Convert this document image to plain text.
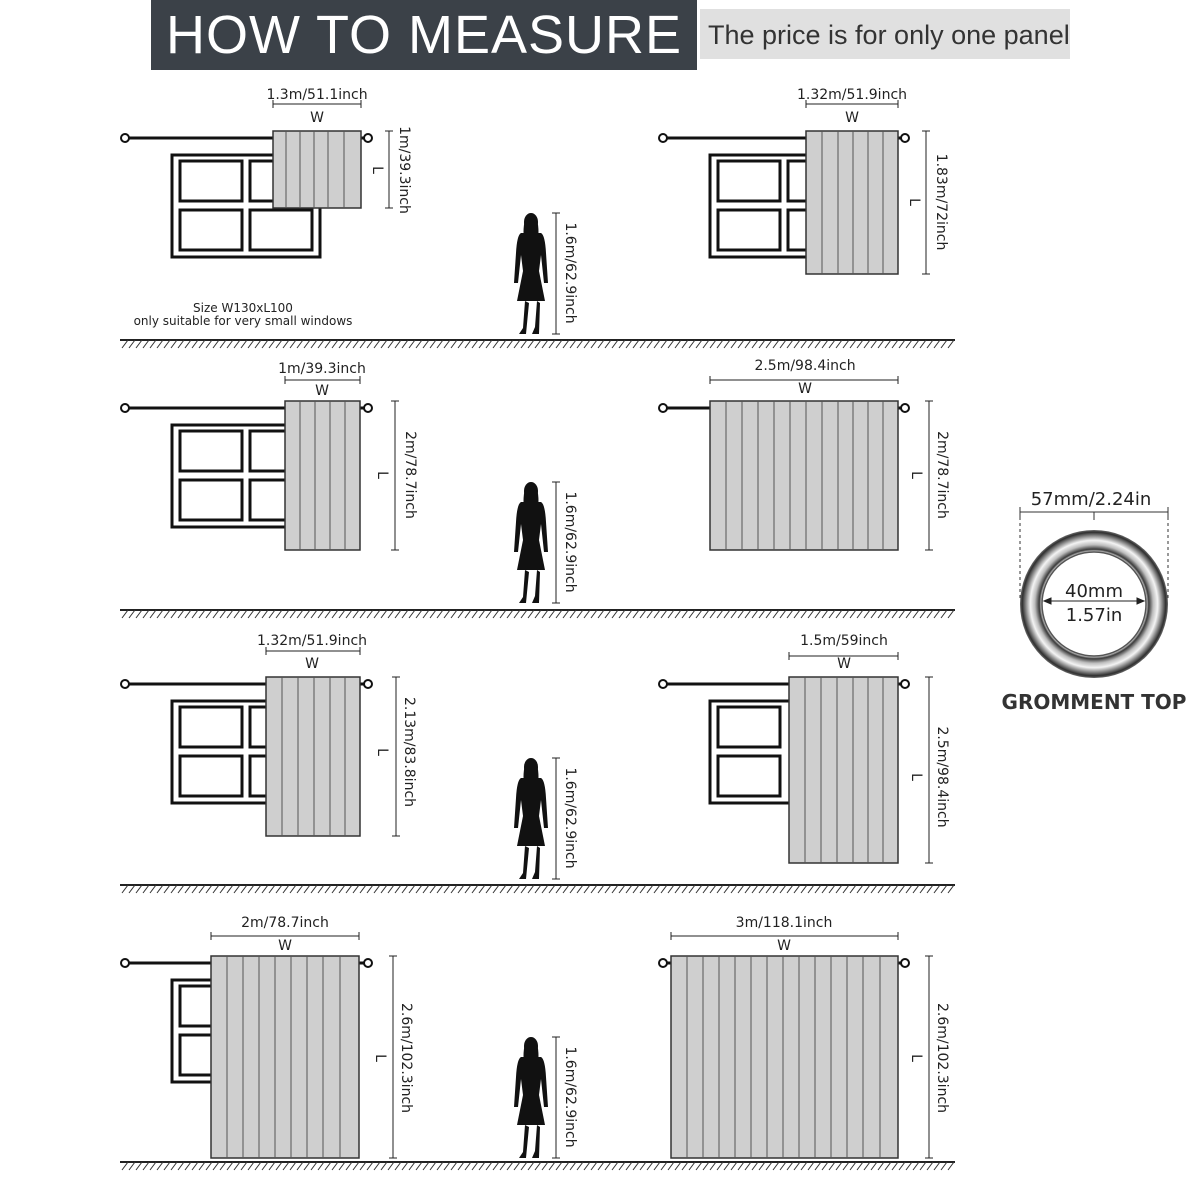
HOW TO MEASURE The price is for only one panel
1.3m/51.1inch
W
1m/39.3inch
L
Size W130xL100
only suitable for very small windows	1.6m/62.9inch
1.32m/51.9inch
W
1.83m/72inch
L
1m/39.3inch
W
2m/78.7inch
L
1.6m/62.9inch
2.5m/98.4inch
W
2m/78.7inch
L
1.32m/51.9inch
W
2.13m/83.8inch
L
1.6m/62.9inch
1.5m/59inch
W
2.5m/98.4inch
L
2m/78.7inch
W
2.6m/102.3inch
L	1.6m/62.9inch
3m/118.1inch
W
2.6m/102.3inch
L
57mm/2.24in
40mm
1.57in
GROMMENT TOP
